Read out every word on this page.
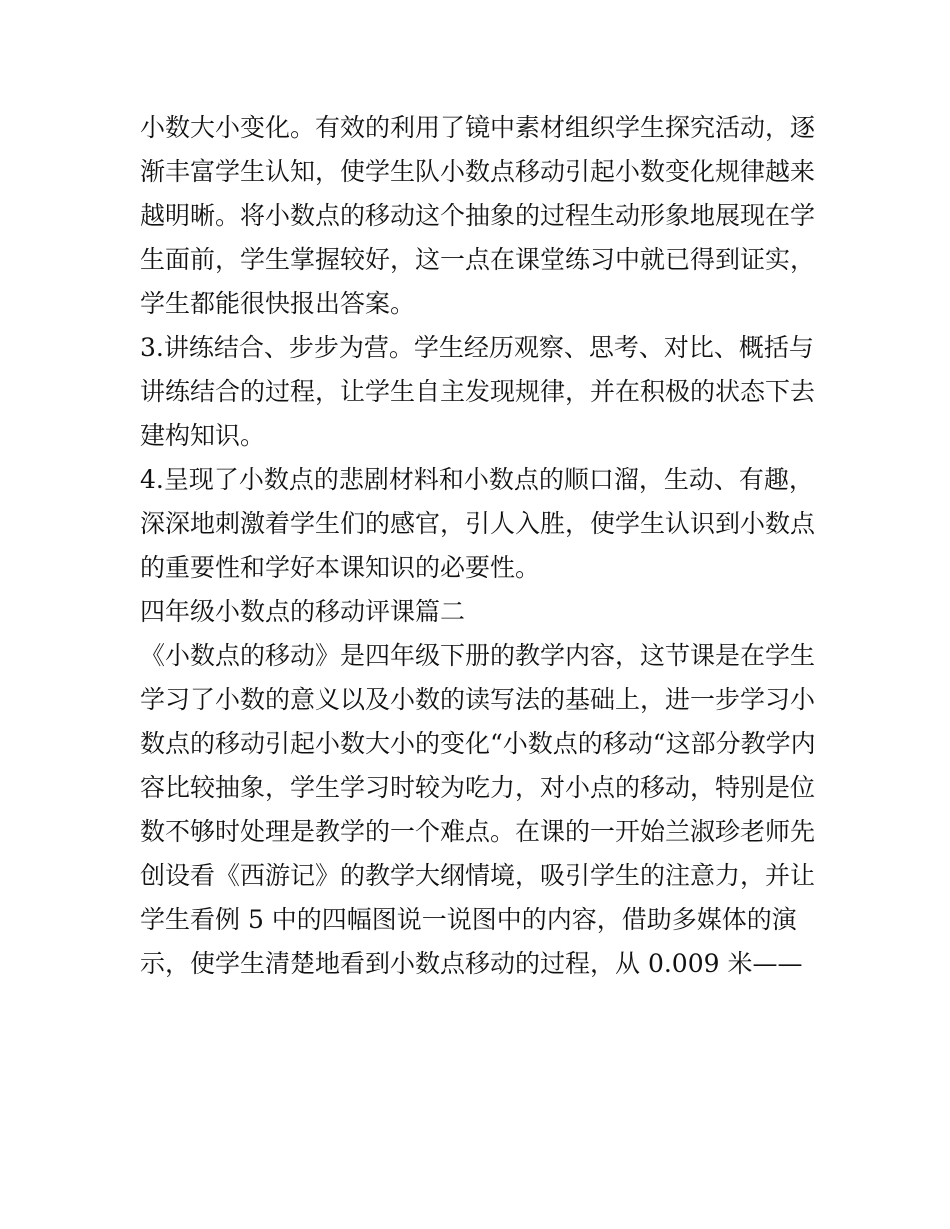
小数大小变化。有效的利用了镜中素材组织学生探究活动，逐
渐丰富学生认知，使学生队小数点移动引起小数变化规律越来
越明晰。将小数点的移动这个抽象的过程生动形象地展现在学
生面前，学生掌握较好，这一点在课堂练习中就已得到证实，
学生都能很快报出答案。
3.讲练结合、步步为营。学生经历观察、思考、对比、概括与
讲练结合的过程，让学生自主发现规律，并在积极的状态下去
建构知识。
4.呈现了小数点的悲剧材料和小数点的顺口溜，生动、有趣，
深深地刺激着学生们的感官，引人入胜，使学生认识到小数点
的重要性和学好本课知识的必要性。
四年级小数点的移动评课篇二
《小数点的移动》是四年级下册的教学内容，这节课是在学生
学习了小数的意义以及小数的读写法的基础上，进一步学习小
数点的移动引起小数大小的变化“小数点的移动“这部分教学内
容比较抽象，学生学习时较为吃力，对小点的移动，特别是位
数不够时处理是教学的一个难点。在课的一开始兰淑珍老师先
创设看《西游记》的教学大纲情境，吸引学生的注意力，并让
学生看例 5 中的四幅图说一说图中的内容，借助多媒体的演
示，使学生清楚地看到小数点移动的过程，从 0.009 米——
